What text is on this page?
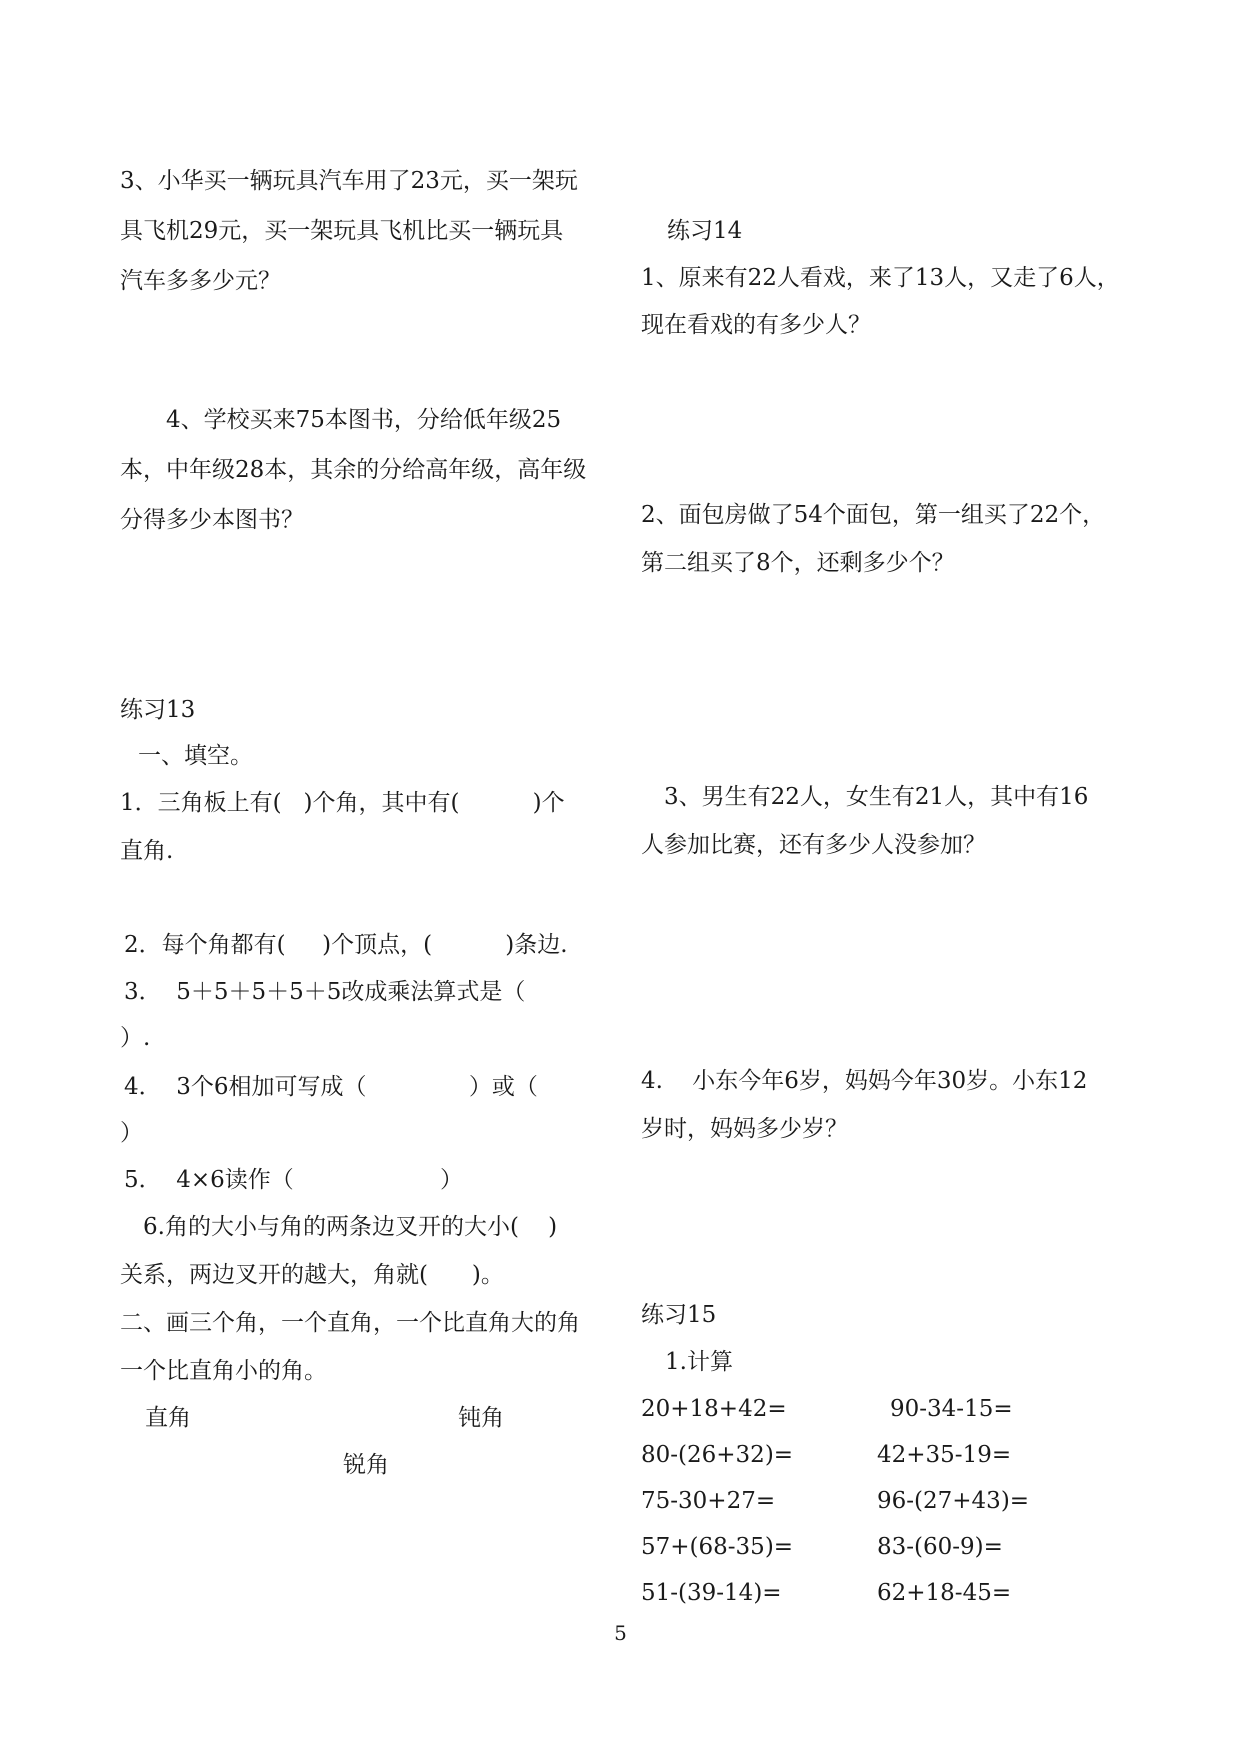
3、小华买一辆玩具汽车用了23元，买一架玩
具飞机29元，买一架玩具飞机比买一辆玩具
汽车多多少元？
4、学校买来75本图书，分给低年级25
本，中年级28本，其余的分给高年级，高年级
分得多少本图书？
练习13
一、填空。
1．三角板上有(   )个角，其中有(          )个
直角.
2．每个角都有(     )个顶点，(          )条边.
3．  5＋5＋5＋5＋5改成乘法算式是（
）.
4．  3个6相加可写成（              ）或（
）
5．  4×6读作（                    ）
6.角的大小与角的两条边叉开的大小(    )
关系，两边叉开的越大，角就(      )。
二、画三个角，一个直角，一个比直角大的角
一个比直角小的角。
直角	钝角
锐角
练习14
1、原来有22人看戏，来了13人，又走了6人，
现在看戏的有多少人？
2、面包房做了54个面包，第一组买了22个，
第二组买了8个，还剩多少个？
3、男生有22人，女生有21人，其中有16
人参加比赛，还有多少人没参加？
4.    小东今年6岁，妈妈今年30岁。小东12
岁时，妈妈多少岁？
练习15
1.计算
20+18+42=	90-34-15=
80-(26+32)=	42+35-19=
75-30+27=	96-(27+43)=
57+(68-35)=	83-(60-9)=
51-(39-14)=	62+18-45=
5
